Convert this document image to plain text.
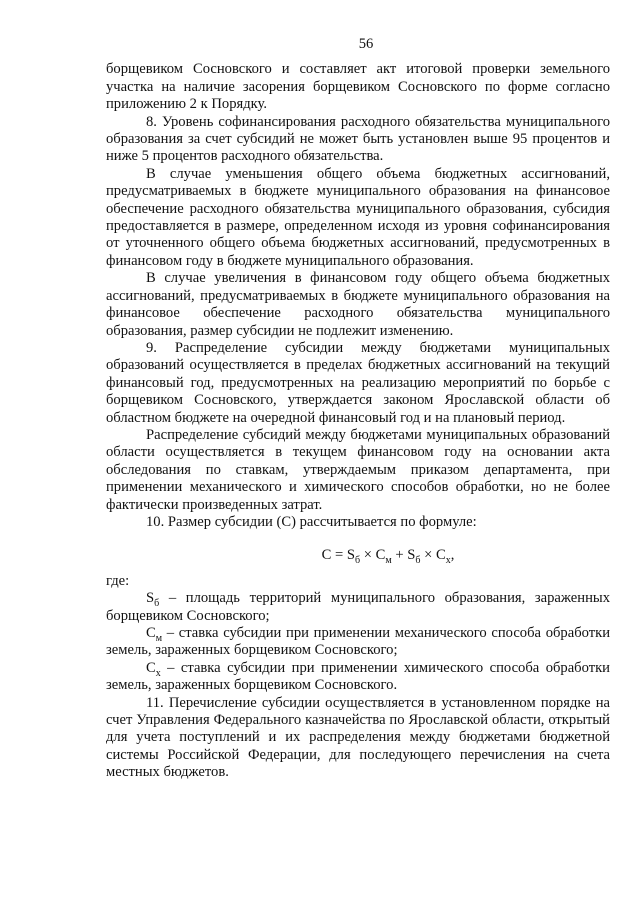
56

борщевиком Сосновского и составляет акт итоговой проверки земельного участка на наличие засорения борщевиком Сосновского по форме согласно приложению 2 к Порядку.

8. Уровень софинансирования расходного обязательства муниципального образования за счет субсидий не может быть установлен выше 95 процентов и ниже 5 процентов расходного обязательства.

В случае уменьшения общего объема бюджетных ассигнований, предусматриваемых в бюджете муниципального образования на финансовое обеспечение расходного обязательства муниципального образования, субсидия предоставляется в размере, определенном исходя из уровня софинансирования от уточненного общего объема бюджетных ассигнований, предусмотренных в финансовом году в бюджете муниципального образования.

В случае увеличения в финансовом году общего объема бюджетных ассигнований, предусматриваемых в бюджете муниципального образования на финансовое обеспечение расходного обязательства муниципального образования, размер субсидии не подлежит изменению.

9. Распределение субсидии между бюджетами муниципальных образований осуществляется в пределах бюджетных ассигнований на текущий финансовый год, предусмотренных на реализацию мероприятий по борьбе с борщевиком Сосновского, утверждается законом Ярославской области об областном бюджете на очередной финансовый год и на плановый период.

Распределение субсидий между бюджетами муниципальных образований области осуществляется в текущем финансовом году на основании акта обследования по ставкам, утверждаемым приказом департамента, при применении механического и химического способов обработки, но не более фактически произведенных затрат.

10. Размер субсидии (С) рассчитывается по формуле:

$С = S_б \times С_м + S_б \times С_х$,

где:

$S_б$ – площадь территорий муниципального образования, зараженных борщевиком Сосновского;

$С_м$ – ставка субсидии при применении механического способа обработки земель, зараженных борщевиком Сосновского;

$С_х$ – ставка субсидии при применении химического способа обработки земель, зараженных борщевиком Сосновского.

11. Перечисление субсидии осуществляется в установленном порядке на счет Управления Федерального казначейства по Ярославской области, открытый для учета поступлений и их распределения между бюджетами бюджетной системы Российской Федерации, для последующего перечисления на счета местных бюджетов.
